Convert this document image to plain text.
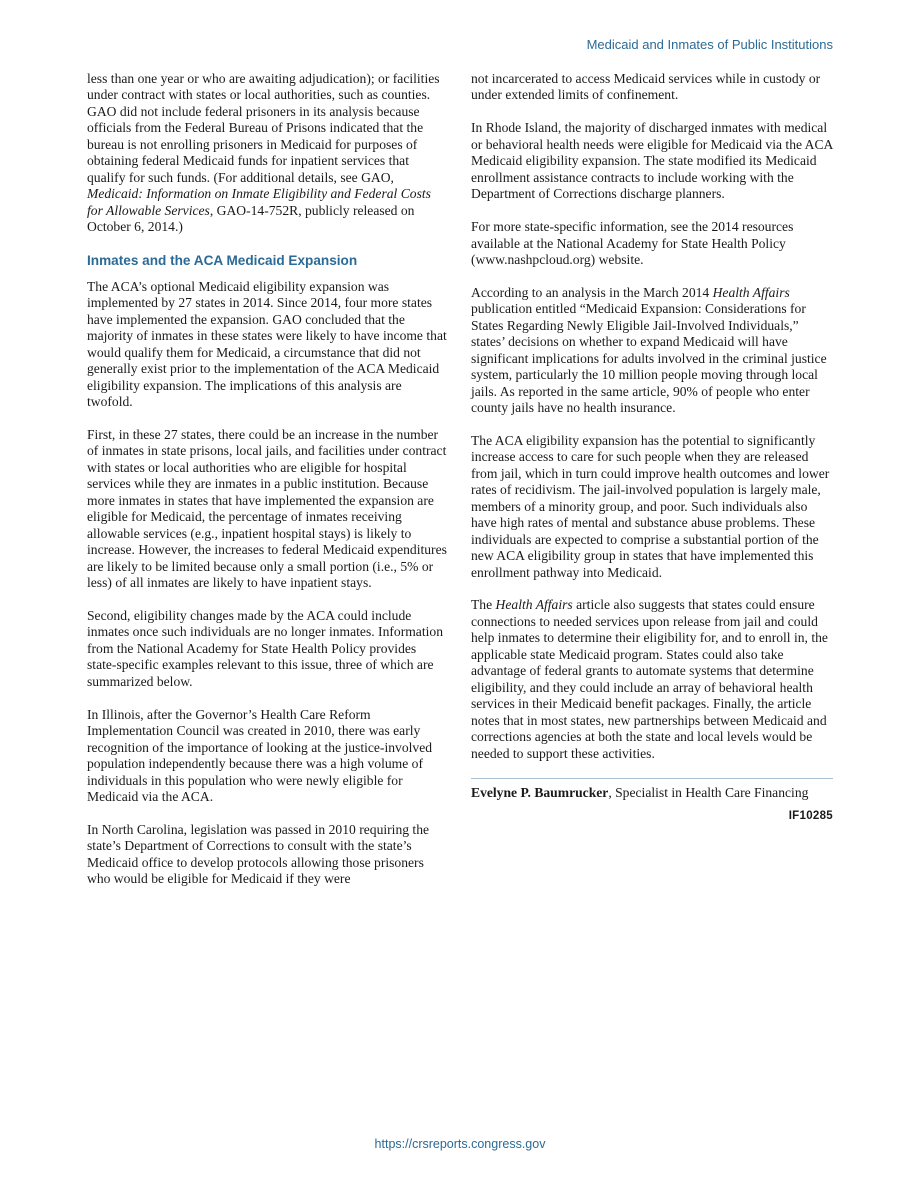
Medicaid and Inmates of Public Institutions

less than one year or who are awaiting adjudication); or facilities under contract with states or local authorities, such as counties. GAO did not include federal prisoners in its analysis because officials from the Federal Bureau of Prisons indicated that the bureau is not enrolling prisoners in Medicaid for purposes of obtaining federal Medicaid funds for inpatient services that qualify for such funds. (For additional details, see GAO, Medicaid: Information on Inmate Eligibility and Federal Costs for Allowable Services, GAO-14-752R, publicly released on October 6, 2014.)

Inmates and the ACA Medicaid Expansion

The ACA’s optional Medicaid eligibility expansion was implemented by 27 states in 2014. Since 2014, four more states have implemented the expansion. GAO concluded that the majority of inmates in these states were likely to have income that would qualify them for Medicaid, a circumstance that did not generally exist prior to the implementation of the ACA Medicaid eligibility expansion. The implications of this analysis are twofold.

First, in these 27 states, there could be an increase in the number of inmates in state prisons, local jails, and facilities under contract with states or local authorities who are eligible for hospital services while they are inmates in a public institution. Because more inmates in states that have implemented the expansion are eligible for Medicaid, the percentage of inmates receiving allowable services (e.g., inpatient hospital stays) is likely to increase. However, the increases to federal Medicaid expenditures are likely to be limited because only a small portion (i.e., 5% or less) of all inmates are likely to have inpatient stays.

Second, eligibility changes made by the ACA could include inmates once such individuals are no longer inmates. Information from the National Academy for State Health Policy provides state-specific examples relevant to this issue, three of which are summarized below.

In Illinois, after the Governor’s Health Care Reform Implementation Council was created in 2010, there was early recognition of the importance of looking at the justice-involved population independently because there was a high volume of individuals in this population who were newly eligible for Medicaid via the ACA.

In North Carolina, legislation was passed in 2010 requiring the state’s Department of Corrections to consult with the state’s Medicaid office to develop protocols allowing those prisoners who would be eligible for Medicaid if they were

not incarcerated to access Medicaid services while in custody or under extended limits of confinement.

In Rhode Island, the majority of discharged inmates with medical or behavioral health needs were eligible for Medicaid via the ACA Medicaid eligibility expansion. The state modified its Medicaid enrollment assistance contracts to include working with the Department of Corrections discharge planners.

For more state-specific information, see the 2014 resources available at the National Academy for State Health Policy (www.nashpcloud.org) website.

According to an analysis in the March 2014 Health Affairs publication entitled “Medicaid Expansion: Considerations for States Regarding Newly Eligible Jail-Involved Individuals,” states’ decisions on whether to expand Medicaid will have significant implications for adults involved in the criminal justice system, particularly the 10 million people moving through local jails. As reported in the same article, 90% of people who enter county jails have no health insurance.

The ACA eligibility expansion has the potential to significantly increase access to care for such people when they are released from jail, which in turn could improve health outcomes and lower rates of recidivism. The jail-involved population is largely male, members of a minority group, and poor. Such individuals also have high rates of mental and substance abuse problems. These individuals are expected to comprise a substantial portion of the new ACA eligibility group in states that have implemented this enrollment pathway into Medicaid.

The Health Affairs article also suggests that states could ensure connections to needed services upon release from jail and could help inmates to determine their eligibility for, and to enroll in, the applicable state Medicaid program. States could also take advantage of federal grants to automate systems that determine eligibility, and they could include an array of behavioral health services in their Medicaid benefit packages. Finally, the article notes that in most states, new partnerships between Medicaid and corrections agencies at both the state and local levels would be needed to support these activities.

Evelyne P. Baumrucker, Specialist in Health Care Financing
IF10285
https://crsreports.congress.gov
